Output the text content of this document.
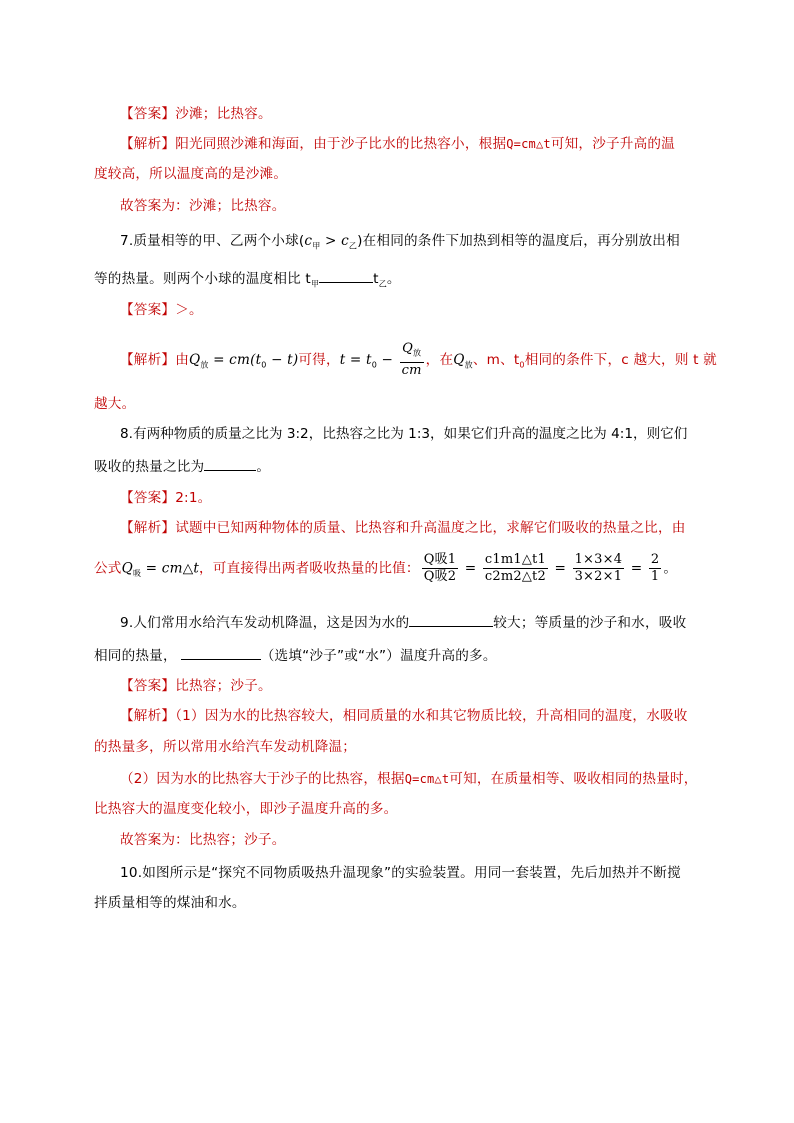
【答案】沙滩；比热容。
【解析】阳光同照沙滩和海面，由于沙子比水的比热容小，根据Q=cm△t可知，沙子升高的温
度较高，所以温度高的是沙滩。
故答案为：沙滩；比热容。
7.质量相等的甲、乙两个小球$(c_甲 > c_乙)$在相同的条件下加热到相等的温度后，再分别放出相
等的热量。则两个小球的温度相比 $t_甲$	$t_乙$。
【答案】＞。
【解析】由$Q_放 = cm(t_0 - t)$可得，$t = t_0 - \frac{Q_放}{cm}$ ，在$Q_放$、m、$t_0$相同的条件下，c 越大，则 t 就
越大。
8.有两种物质的质量之比为 3:2，比热容之比为 1:3，如果它们升高的温度之比为 4:1，则它们
吸收的热量之比为	。
【答案】2:1。
【解析】试题中已知两种物体的质量、比热容和升高温度之比，求解它们吸收的热量之比，由
公式$Q_吸$ = cm△t，可直接得出两者吸收热量的比值： $\frac{\text{Q吸1}}{\text{Q吸2}} = \frac{c1m1\triangle t1}{c2m2\triangle t2} = \frac{1\times 3\times 4}{3\times 2\times 1} = \frac{2}{1}$ 。
9.人们常用水给汽车发动机降温，这是因为水的	较大；等质量的沙子和水，吸收
相同的热量，	（选填“沙子”或“水”）温度升高的多。
【答案】比热容；沙子。
【解析】（1）因为水的比热容较大，相同质量的水和其它物质比较，升高相同的温度，水吸收
的热量多，所以常用水给汽车发动机降温；
（2）因为水的比热容大于沙子的比热容，根据Q=cm△t可知，在质量相等、吸收相同的热量时，
比热容大的温度变化较小，即沙子温度升高的多。
故答案为：比热容；沙子。
10.如图所示是“探究不同物质吸热升温现象”的实验装置。用同一套装置，先后加热并不断搅
拌质量相等的煤油和水。
